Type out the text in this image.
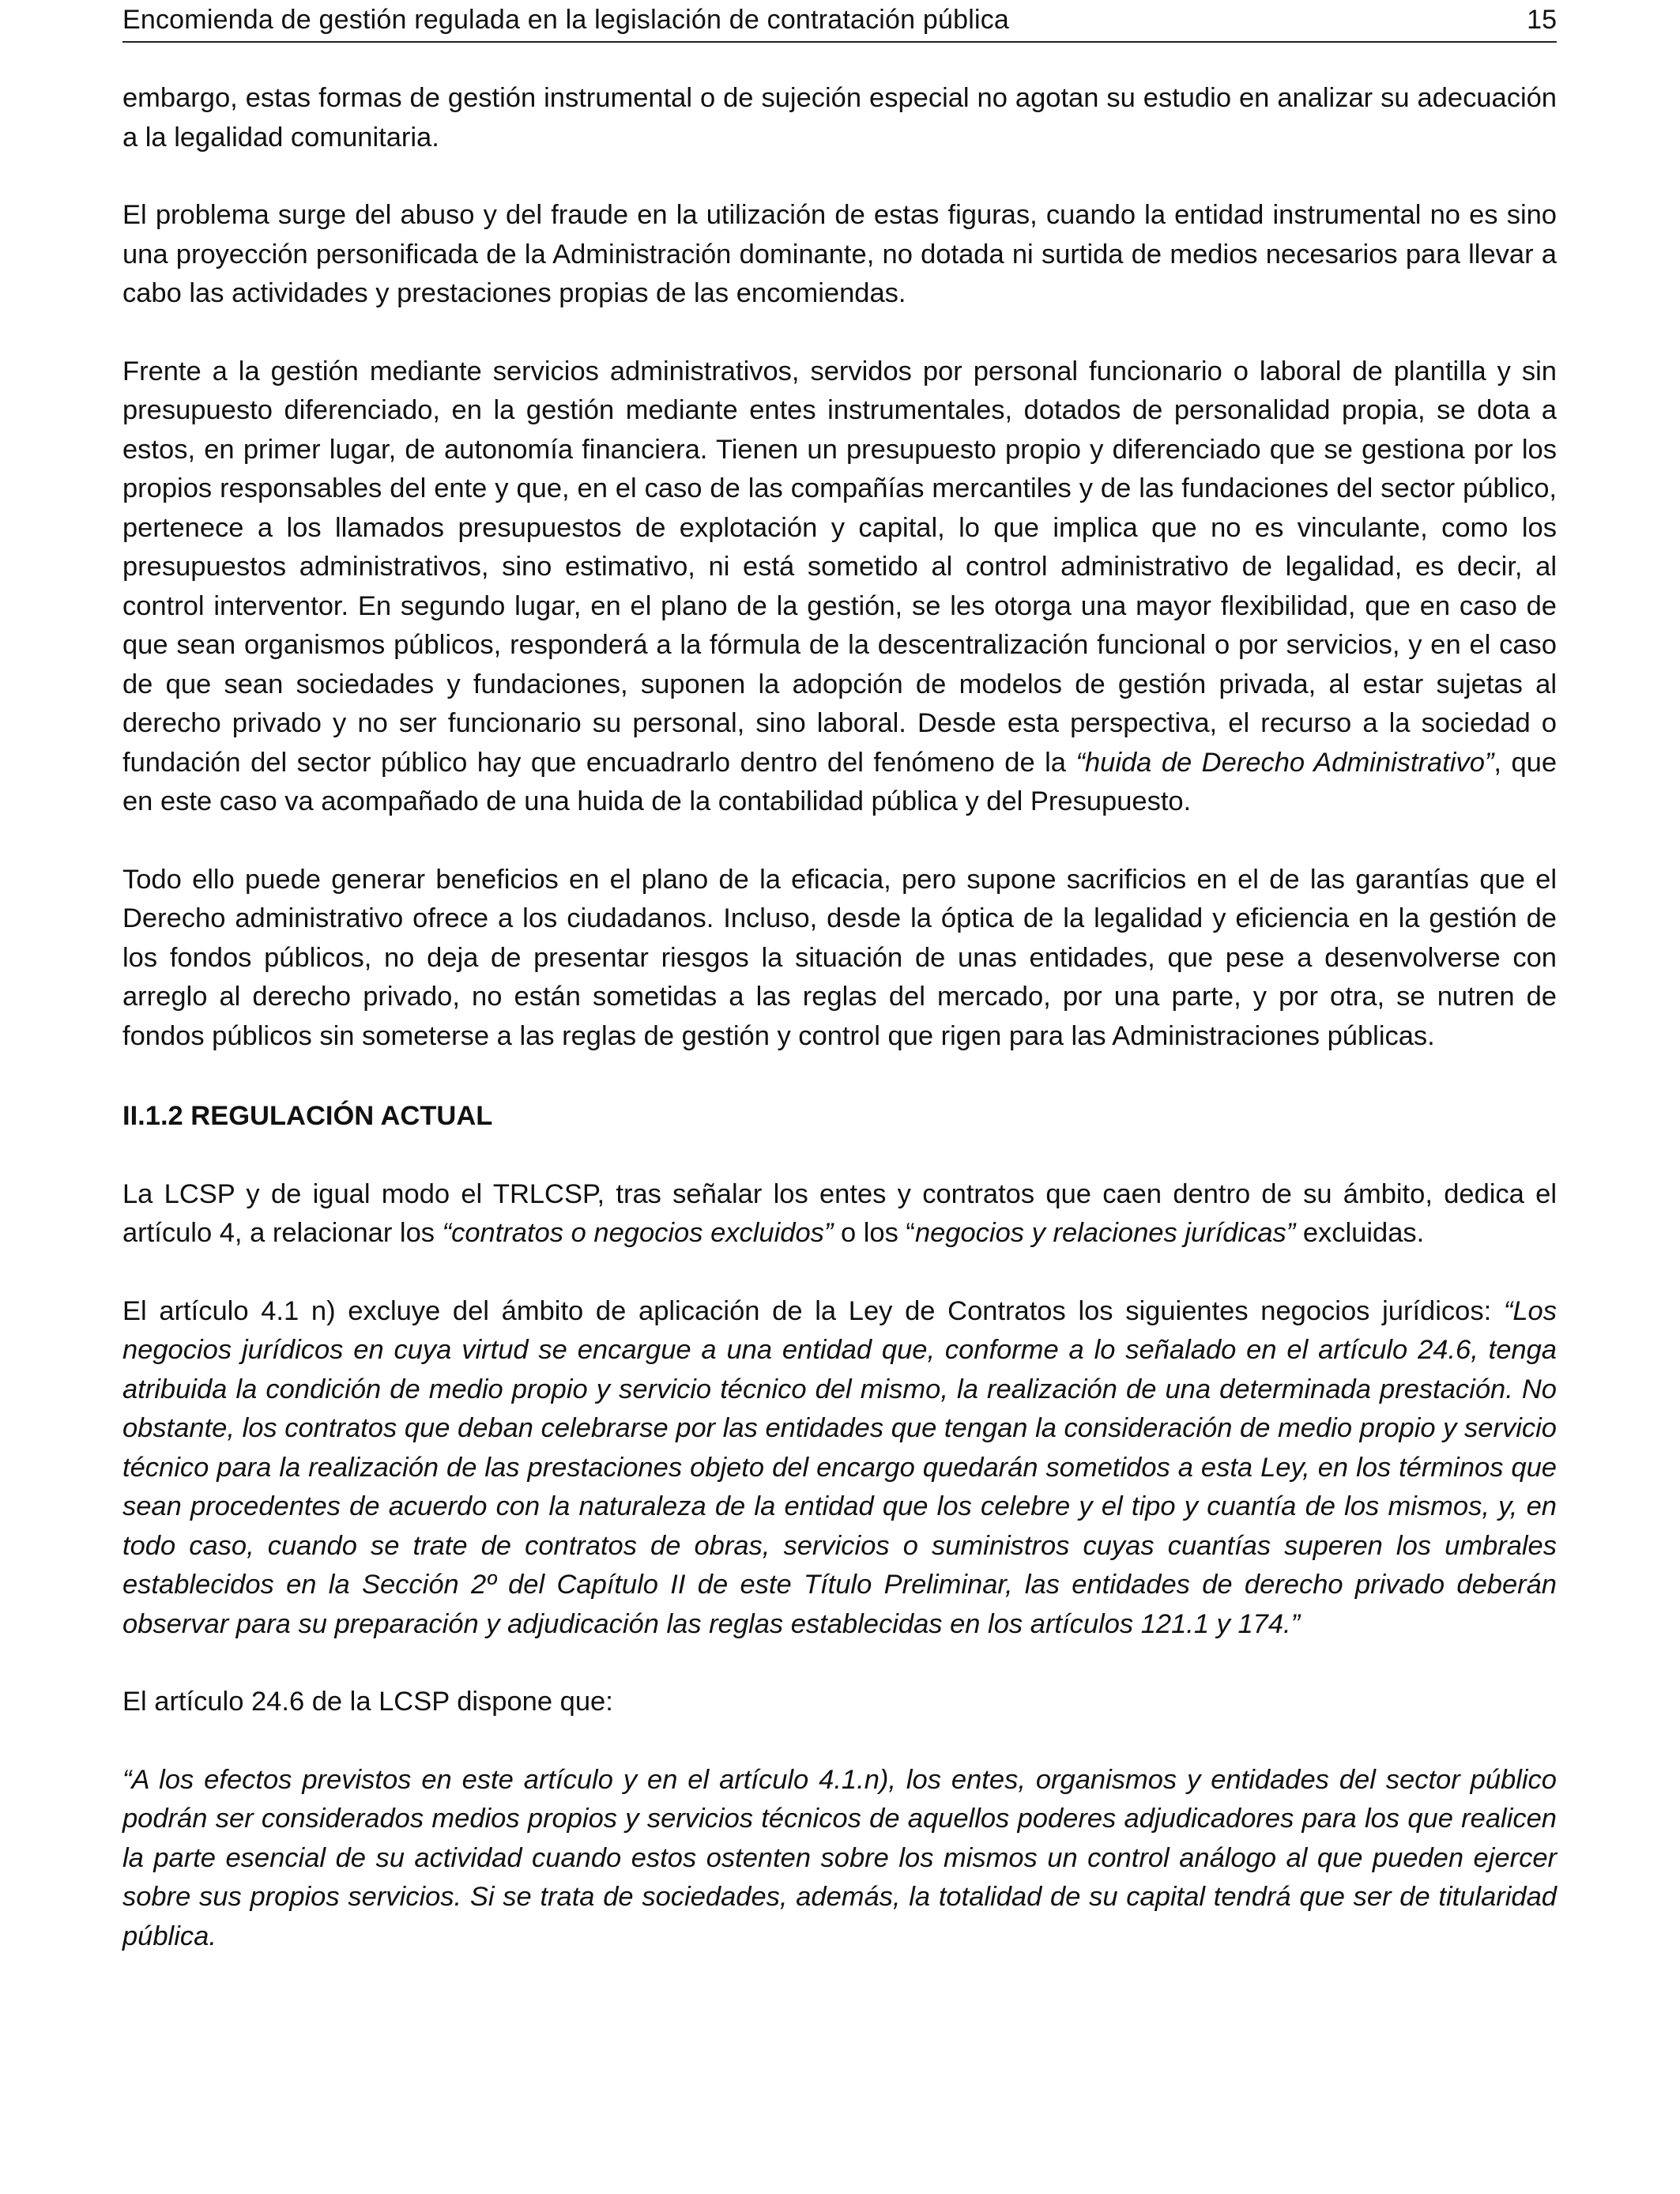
Encomienda de gestión regulada en la legislación de contratación pública	15

embargo, estas formas de gestión instrumental o de sujeción especial no agotan su estudio en analizar su adecuación a la legalidad comunitaria.

El problema surge del abuso y del fraude en la utilización de estas figuras, cuando la entidad instrumental no es sino una proyección personificada de la Administración dominante, no dotada ni surtida de medios necesarios para llevar a cabo las actividades y prestaciones propias de las encomiendas.

Frente a la gestión mediante servicios administrativos, servidos por personal funcionario o laboral de plantilla y sin presupuesto diferenciado, en la gestión mediante entes instrumentales, dotados de personalidad propia, se dota a estos, en primer lugar, de autonomía financiera. Tienen un presupuesto propio y diferenciado que se gestiona por los propios responsables del ente y que, en el caso de las compañías mercantiles y de las fundaciones del sector público, pertenece a los llamados presupuestos de explotación y capital, lo que implica que no es vinculante, como los presupuestos administrativos, sino estimativo, ni está sometido al control administrativo de legalidad, es decir, al control interventor. En segundo lugar, en el plano de la gestión, se les otorga una mayor flexibilidad, que en caso de que sean organismos públicos, responderá a la fórmula de la descentralización funcional o por servicios, y en el caso de que sean sociedades y fundaciones, suponen la adopción de modelos de gestión privada, al estar sujetas al derecho privado y no ser funcionario su personal, sino laboral. Desde esta perspectiva, el recurso a la sociedad o fundación del sector público hay que encuadrarlo dentro del fenómeno de la “huida de Derecho Administrativo”, que en este caso va acompañado de una huida de la contabilidad pública y del Presupuesto.

Todo ello puede generar beneficios en el plano de la eficacia, pero supone sacrificios en el de las garantías que el Derecho administrativo ofrece a los ciudadanos. Incluso, desde la óptica de la legalidad y eficiencia en la gestión de los fondos públicos, no deja de presentar riesgos la situación de unas entidades, que pese a desenvolverse con arreglo al derecho privado, no están sometidas a las reglas del mercado, por una parte, y por otra, se nutren de fondos públicos sin someterse a las reglas de gestión y control que rigen para las Administraciones públicas.

II.1.2 REGULACIÓN ACTUAL

La LCSP y de igual modo el TRLCSP, tras señalar los entes y contratos que caen dentro de su ámbito, dedica el artículo 4, a relacionar los “contratos o negocios excluidos” o los “negocios y relaciones jurídicas” excluidas.

El artículo 4.1 n) excluye del ámbito de aplicación de la Ley de Contratos los siguientes negocios jurídicos: “Los negocios jurídicos en cuya virtud se encargue a una entidad que, conforme a lo señalado en el artículo 24.6, tenga atribuida la condición de medio propio y servicio técnico del mismo, la realización de una determinada prestación. No obstante, los contratos que deban celebrarse por las entidades que tengan la consideración de medio propio y servicio técnico para la realización de las prestaciones objeto del encargo quedarán sometidos a esta Ley, en los términos que sean procedentes de acuerdo con la naturaleza de la entidad que los celebre y el tipo y cuantía de los mismos, y, en todo caso, cuando se trate de contratos de obras, servicios o suministros cuyas cuantías superen los umbrales establecidos en la Sección 2º del Capítulo II de este Título Preliminar, las entidades de derecho privado deberán observar para su preparación y adjudicación las reglas establecidas en los artículos 121.1 y 174.”

El artículo 24.6 de la LCSP dispone que:

“A los efectos previstos en este artículo y en el artículo 4.1.n), los entes, organismos y entidades del sector público podrán ser considerados medios propios y servicios técnicos de aquellos poderes adjudicadores para los que realicen la parte esencial de su actividad cuando estos ostenten sobre los mismos un control análogo al que pueden ejercer sobre sus propios servicios. Si se trata de sociedades, además, la totalidad de su capital tendrá que ser de titularidad pública.
